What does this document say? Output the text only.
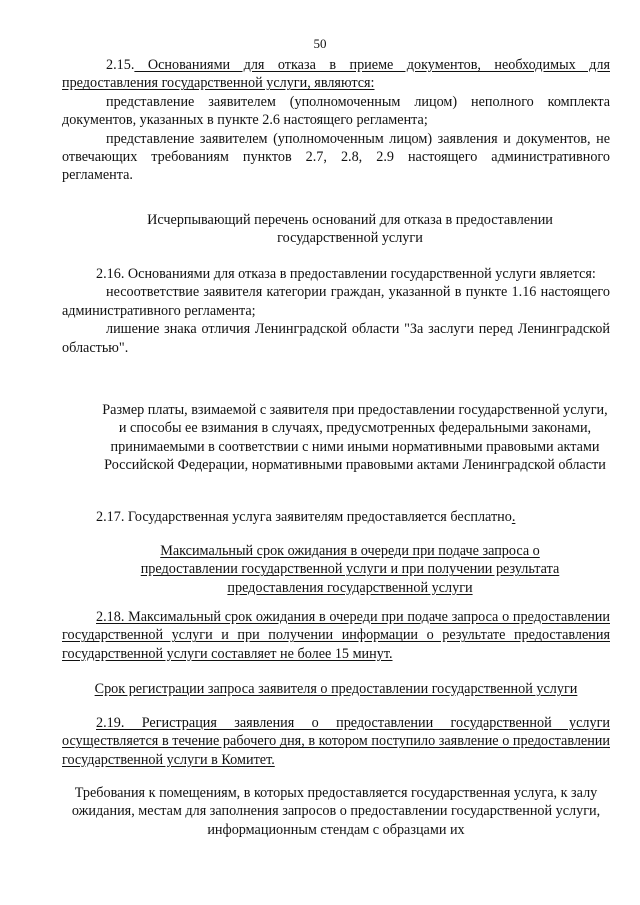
50

2.15. Основаниями для отказа в приеме документов, необходимых для предоставления государственной услуги, являются:

представление заявителем (уполномоченным лицом) неполного комплекта документов, указанных в пункте 2.6 настоящего регламента;

представление заявителем (уполномоченным лицом) заявления и документов, не отвечающих требованиям пунктов 2.7, 2.8, 2.9 настоящего административного регламента.

Исчерпывающий перечень оснований для отказа в предоставлении государственной услуги

2.16. Основаниями для отказа в предоставлении государственной услуги является:

несоответствие заявителя категории граждан, указанной в пункте 1.16 настоящего административного регламента;

лишение знака отличия Ленинградской области "За заслуги перед Ленинградской областью".

Размер платы, взимаемой с заявителя при предоставлении государственной услуги, и способы ее взимания в случаях, предусмотренных федеральными законами, принимаемыми в соответствии с ними иными нормативными правовыми актами Российской Федерации, нормативными правовыми актами Ленинградской области

2.17. Государственная услуга заявителям предоставляется бесплатно.

Максимальный срок ожидания в очереди при подаче запроса о предоставлении государственной услуги и при получении результата предоставления государственной услуги

2.18. Максимальный срок ожидания в очереди при подаче запроса о предоставлении государственной услуги и при получении информации о результате предоставления государственной услуги составляет не более 15 минут.

Срок регистрации запроса заявителя о предоставлении государственной услуги

2.19. Регистрация заявления о предоставлении государственной услуги осуществляется в течение рабочего дня, в котором поступило заявление о предоставлении государственной услуги в Комитет.

Требования к помещениям, в которых предоставляется государственная услуга, к залу ожидания, местам для заполнения запросов о предоставлении государственной услуги, информационным стендам с образцами их
